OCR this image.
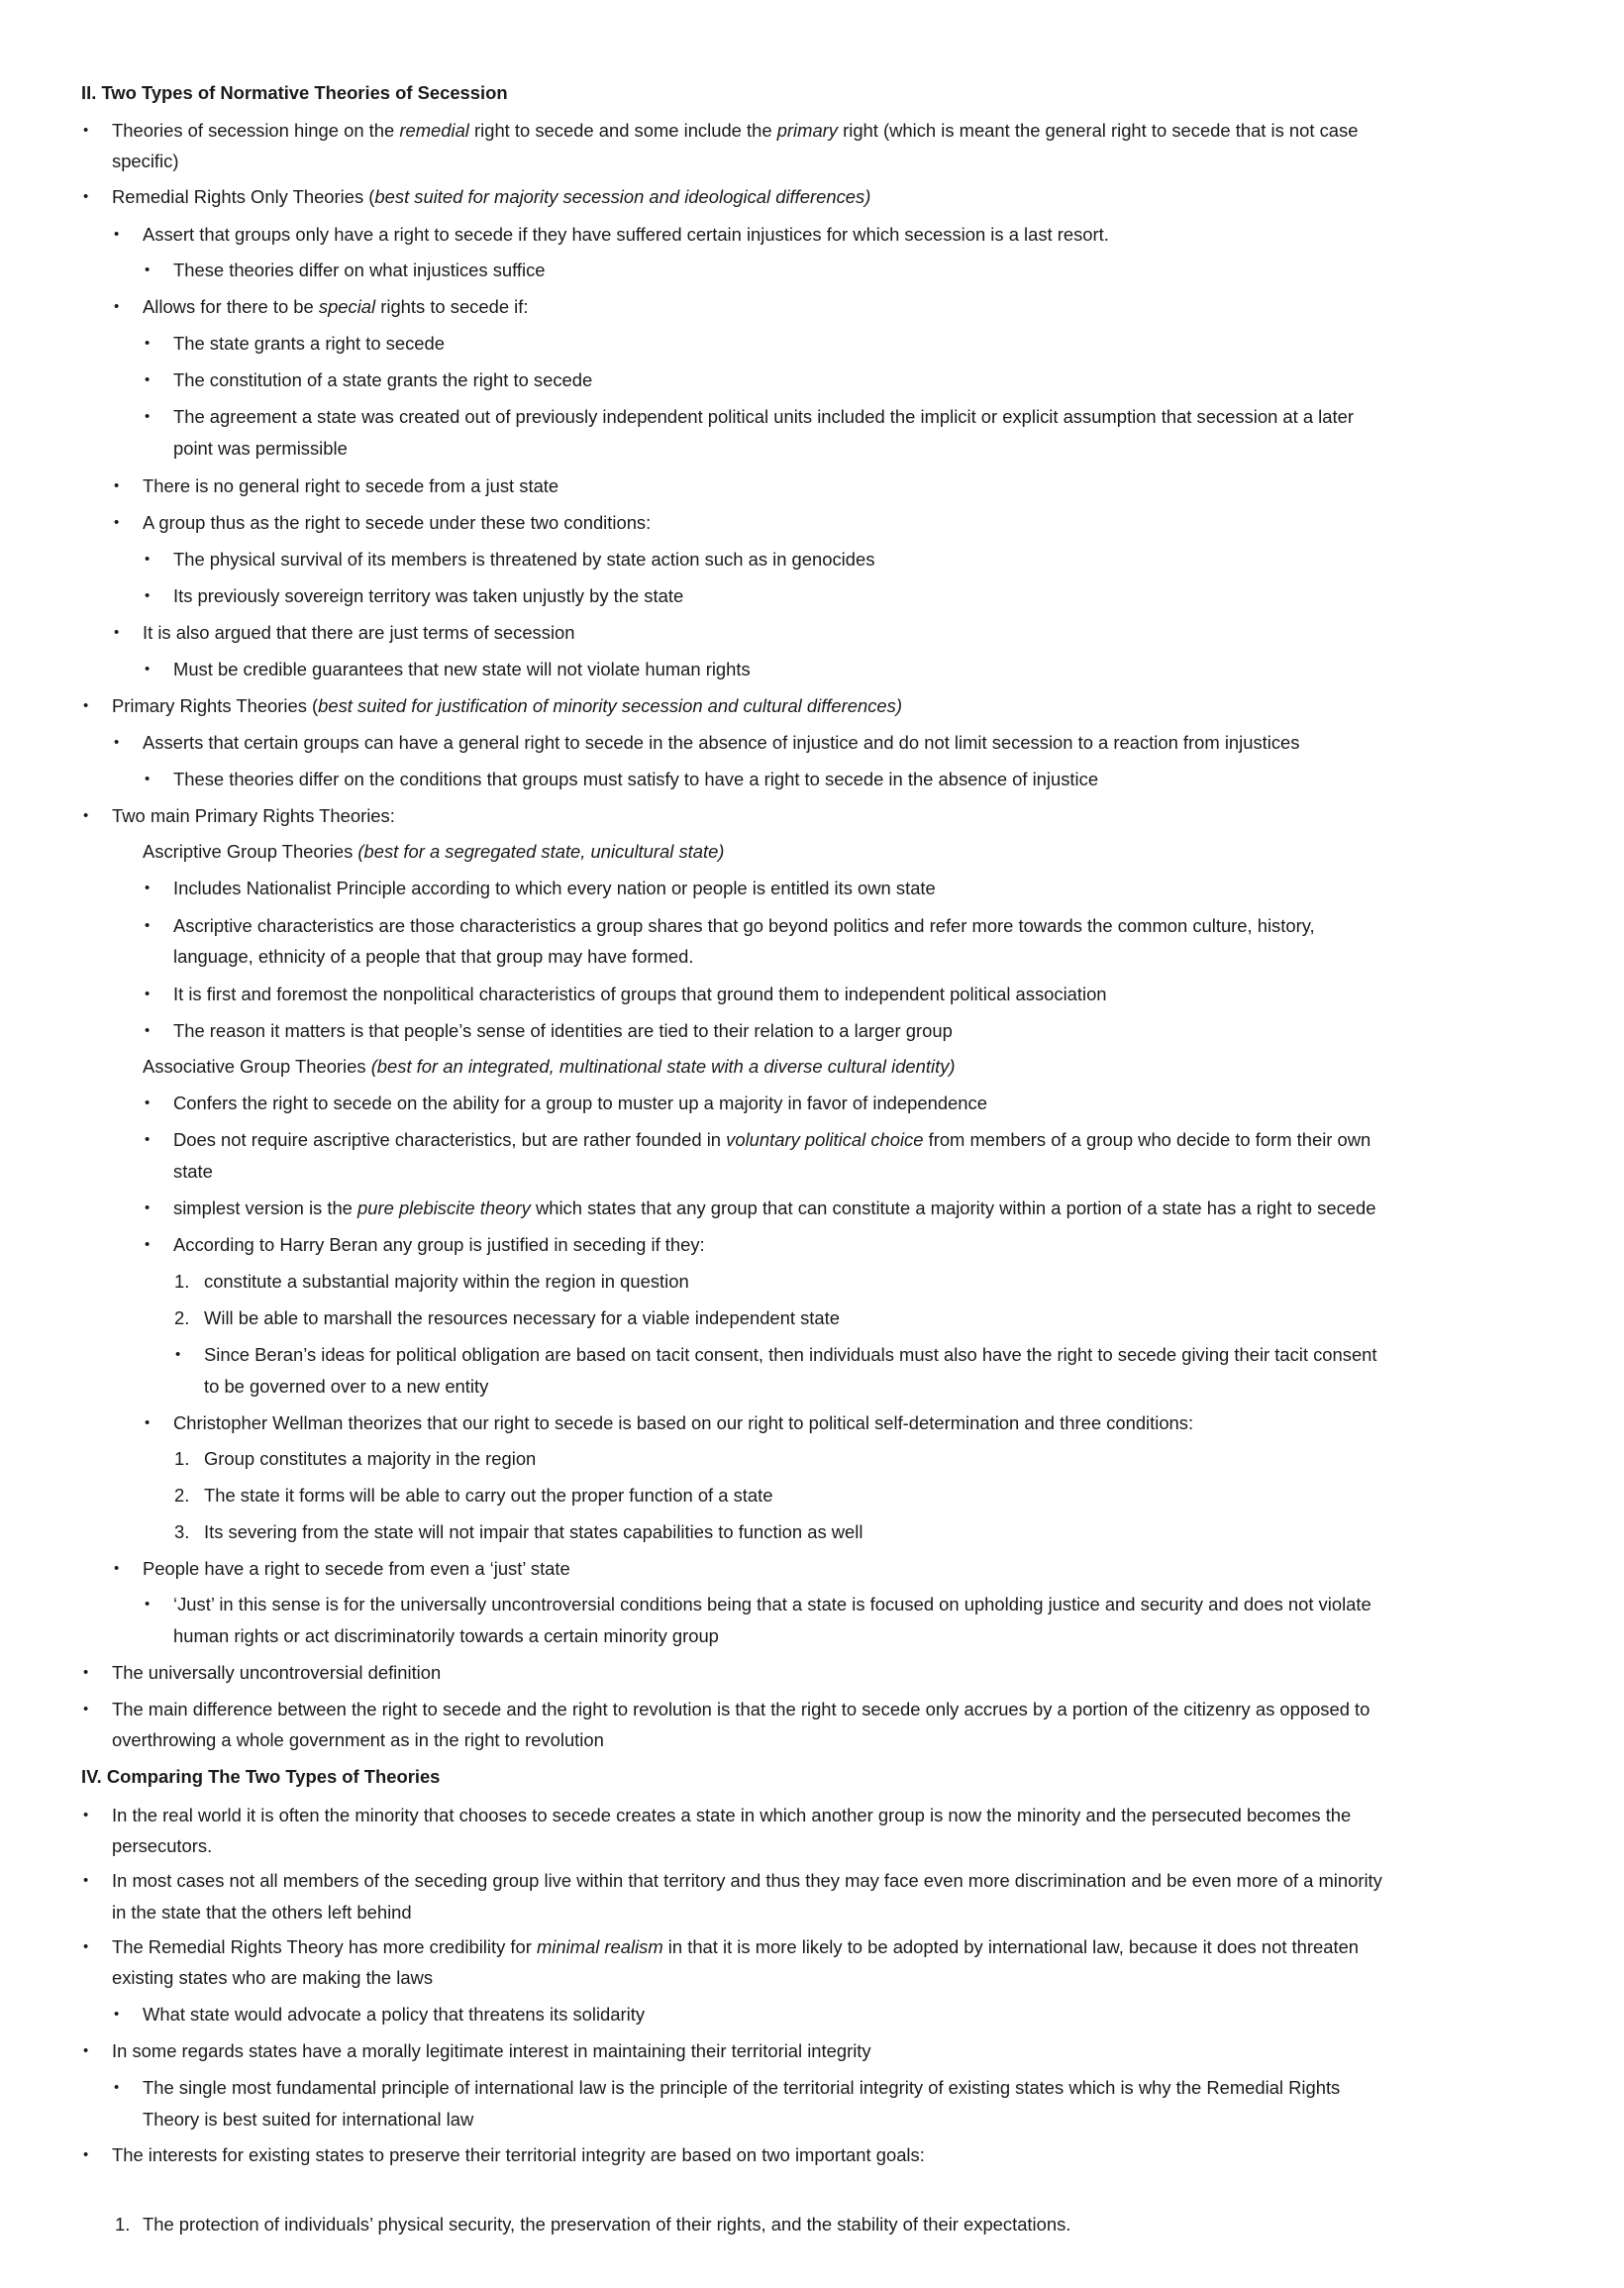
II. Two Types of Normative Theories of Secession
• Theories of secession hinge on the remedial right to secede and some include the primary right (which is meant the general right to secede that is not case
specific)
• Remedial Rights Only Theories (best suited for majority secession and ideological differences)
• Assert that groups only have a right to secede if they have suffered certain injustices for which secession is a last resort.
• These theories differ on what injustices suffice
• Allows for there to be special rights to secede if:
• The state grants a right to secede
• The constitution of a state grants the right to secede
• The agreement a state was created out of previously independent political units included the implicit or explicit assumption that secession at a later
point was permissible
• There is no general right to secede from a just state
• A group thus as the right to secede under these two conditions:
• The physical survival of its members is threatened by state action such as in genocides
• Its previously sovereign territory was taken unjustly by the state
• It is also argued that there are just terms of secession
• Must be credible guarantees that new state will not violate human rights
• Primary Rights Theories (best suited for justification of minority secession and cultural differences)
• Asserts that certain groups can have a general right to secede in the absence of injustice and do not limit secession to a reaction from injustices
• These theories differ on the conditions that groups must satisfy to have a right to secede in the absence of injustice
• Two main Primary Rights Theories:
Ascriptive Group Theories (best for a segregated state, unicultural state)
• Includes Nationalist Principle according to which every nation or people is entitled its own state
• Ascriptive characteristics are those characteristics a group shares that go beyond politics and refer more towards the common culture, history,
language, ethnicity of a people that that group may have formed.
• It is first and foremost the nonpolitical characteristics of groups that ground them to independent political association
• The reason it matters is that people’s sense of identities are tied to their relation to a larger group
Associative Group Theories (best for an integrated, multinational state with a diverse cultural identity)
• Confers the right to secede on the ability for a group to muster up a majority in favor of independence
• Does not require ascriptive characteristics, but are rather founded in voluntary political choice from members of a group who decide to form their own
state
• simplest version is the pure plebiscite theory which states that any group that can constitute a majority within a portion of a state has a right to secede
• According to Harry Beran any group is justified in seceding if they:
1. constitute a substantial majority within the region in question
2. Will be able to marshall the resources necessary for a viable independent state
• Since Beran’s ideas for political obligation are based on tacit consent, then individuals must also have the right to secede giving their tacit consent
to be governed over to a new entity
• Christopher Wellman theorizes that our right to secede is based on our right to political self-determination and three conditions:
1. Group constitutes a majority in the region
2. The state it forms will be able to carry out the proper function of a state
3. Its severing from the state will not impair that states capabilities to function as well
• People have a right to secede from even a ‘just’ state
• ‘Just’ in this sense is for the universally uncontroversial conditions being that a state is focused on upholding justice and security and does not violate
human rights or act discriminatorily towards a certain minority group
• The universally uncontroversial definition
• The main difference between the right to secede and the right to revolution is that the right to secede only accrues by a portion of the citizenry as opposed to
overthrowing a whole government as in the right to revolution
IV. Comparing The Two Types of Theories
• In the real world it is often the minority that chooses to secede creates a state in which another group is now the minority and the persecuted becomes the
persecutors.
• In most cases not all members of the seceding group live within that territory and thus they may face even more discrimination and be even more of a minority
in the state that the others left behind
• The Remedial Rights Theory has more credibility for minimal realism in that it is more likely to be adopted by international law, because it does not threaten
existing states who are making the laws
• What state would advocate a policy that threatens its solidarity
• In some regards states have a morally legitimate interest in maintaining their territorial integrity
• The single most fundamental principle of international law is the principle of the territorial integrity of existing states which is why the Remedial Rights
Theory is best suited for international law
• The interests for existing states to preserve their territorial integrity are based on two important goals:
1. The protection of individuals’ physical security, the preservation of their rights, and the stability of their expectations.
